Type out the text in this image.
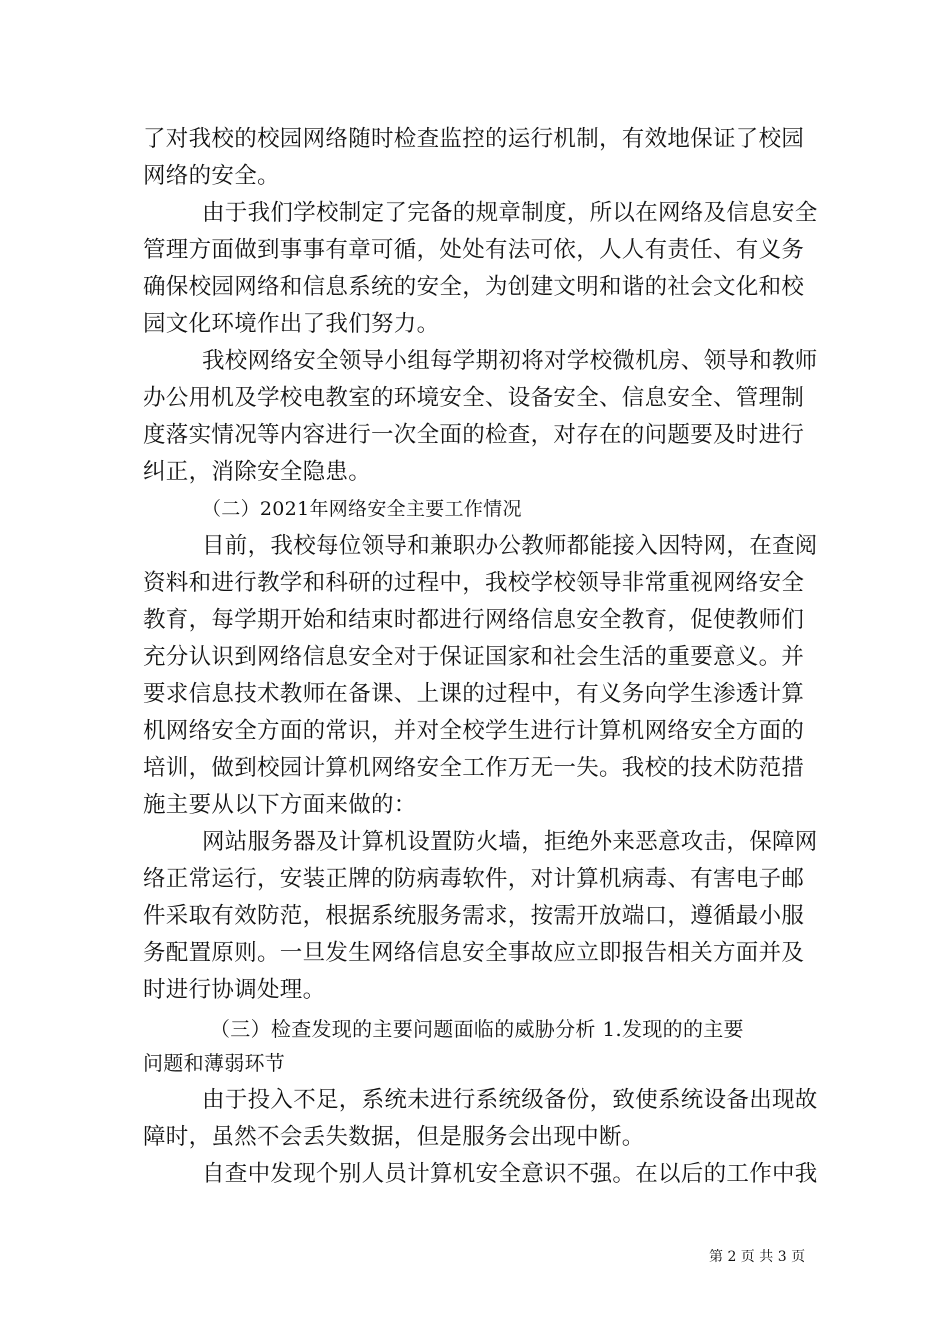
了对我校的校园网络随时检查监控的运行机制，有效地保证了校园
网络的安全。
由于我们学校制定了完备的规章制度，所以在网络及信息安全
管理方面做到事事有章可循，处处有法可依，人人有责任、有义务
确保校园网络和信息系统的安全，为创建文明和谐的社会文化和校
园文化环境作出了我们努力。
我校网络安全领导小组每学期初将对学校微机房、领导和教师
办公用机及学校电教室的环境安全、设备安全、信息安全、管理制
度落实情况等内容进行一次全面的检查，对存在的问题要及时进行
纠正，消除安全隐患。
（二）2021年网络安全主要工作情况
目前，我校每位领导和兼职办公教师都能接入因特网，在查阅
资料和进行教学和科研的过程中，我校学校领导非常重视网络安全
教育，每学期开始和结束时都进行网络信息安全教育，促使教师们
充分认识到网络信息安全对于保证国家和社会生活的重要意义。并
要求信息技术教师在备课、上课的过程中，有义务向学生渗透计算
机网络安全方面的常识，并对全校学生进行计算机网络安全方面的
培训，做到校园计算机网络安全工作万无一失。我校的技术防范措
施主要从以下方面来做的：
网站服务器及计算机设置防火墙，拒绝外来恶意攻击，保障网
络正常运行，安装正牌的防病毒软件，对计算机病毒、有害电子邮
件采取有效防范，根据系统服务需求，按需开放端口，遵循最小服
务配置原则。一旦发生网络信息安全事故应立即报告相关方面并及
时进行协调处理。
（三）检查发现的主要问题面临的威胁分析 1.发现的的主要
问题和薄弱环节
由于投入不足，系统未进行系统级备份，致使系统设备出现故
障时，虽然不会丢失数据，但是服务会出现中断。
自查中发现个别人员计算机安全意识不强。在以后的工作中我
第 2 页 共 3 页
